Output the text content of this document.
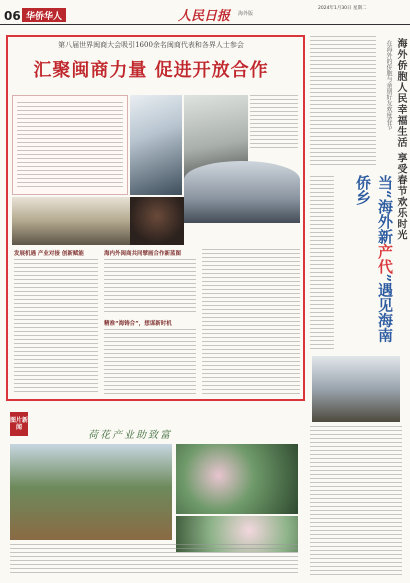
06 华侨华人	人民日报 海外版
2024年1月30日 星期二
第八届世界闽商大会吸引1600余名闽商代表和各界人士参会
汇聚闽商力量 促进开放合作
发展机遇 产业对接 创新赋能	海内外闽商共同擘画合作新蓝图
精准“海铸合”，想谋新时机
海外侨胞人民幸福生活 享受春节欢乐时光
在海外的侨胞与亲朋好友欢度春节
当“海外新产代”遇见海南侨乡
图片新闻
荷花产业助致富
